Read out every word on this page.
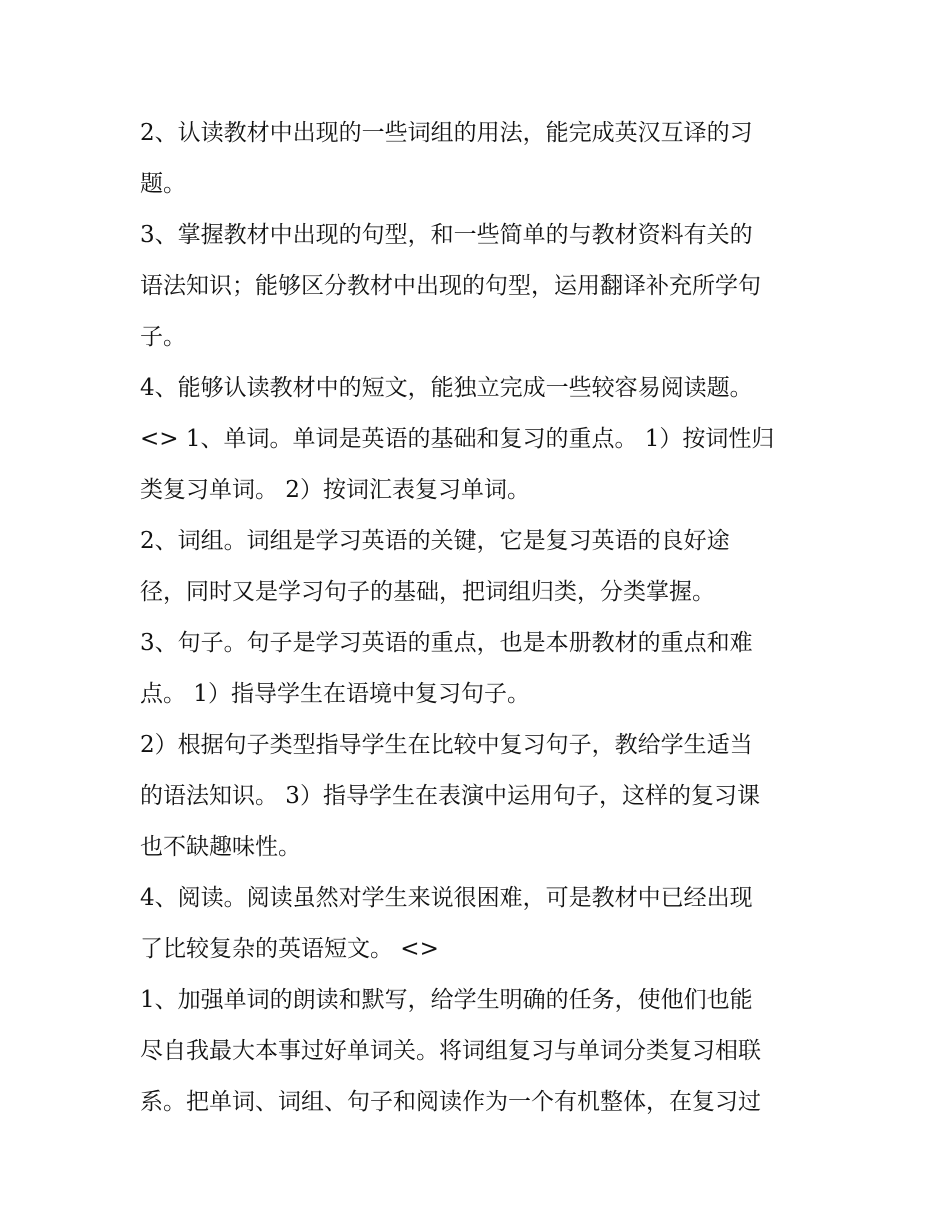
2、认读教材中出现的一些词组的用法，能完成英汉互译的习
题。
3、掌握教材中出现的句型，和一些简单的与教材资料有关的
语法知识；能够区分教材中出现的句型，运用翻译补充所学句
子。
4、能够认读教材中的短文，能独立完成一些较容易阅读题。
<> 1、单词。单词是英语的基础和复习的重点。 1）按词性归
类复习单词。 2）按词汇表复习单词。
2、词组。词组是学习英语的关键，它是复习英语的良好途
径，同时又是学习句子的基础，把词组归类，分类掌握。
3、句子。句子是学习英语的重点，也是本册教材的重点和难
点。 1）指导学生在语境中复习句子。
2）根据句子类型指导学生在比较中复习句子，教给学生适当
的语法知识。 3）指导学生在表演中运用句子，这样的复习课
也不缺趣味性。
4、阅读。阅读虽然对学生来说很困难，可是教材中已经出现
了比较复杂的英语短文。 <>
1、加强单词的朗读和默写，给学生明确的任务，使他们也能
尽自我最大本事过好单词关。将词组复习与单词分类复习相联
系。把单词、词组、句子和阅读作为一个有机整体，在复习过
